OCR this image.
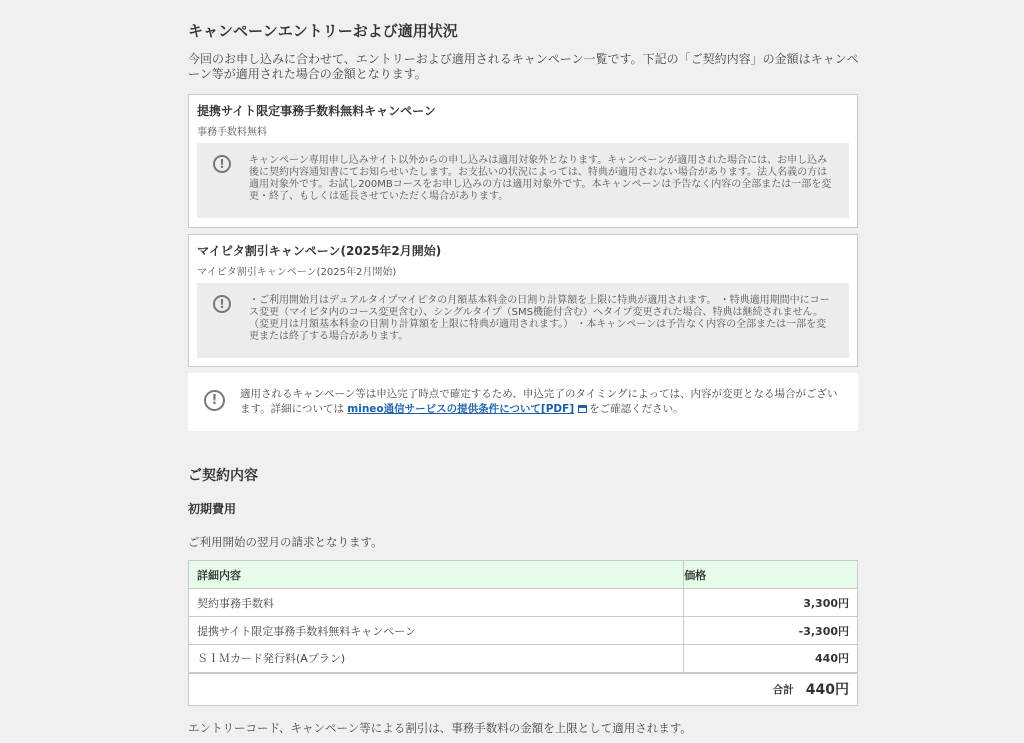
キャンペーンエントリーおよび適用状況
今回のお申し込みに合わせて、エントリーおよび適用されるキャンペーン一覧です。下記の「ご契約内容」の金額はキャンペーン等が適用された場合の金額となります。
提携サイト限定事務手数料無料キャンペーン
事務手数料無料
!	キャンペーン専用申し込みサイト以外からの申し込みは適用対象外となります。キャンペーンが適用された場合には、お申し込み後に契約内容通知書にてお知らせいたします。お支払いの状況によっては、特典が適用されない場合があります。法人名義の方は適用対象外です。お試し200MBコースをお申し込みの方は適用対象外です。本キャンペーンは予告なく内容の全部または一部を変更・終了、もしくは延長させていただく場合があります。
マイピタ割引キャンペーン(2025年2月開始)
マイピタ割引キャンペーン(2025年2月開始)
!	・ご利用開始月はデュアルタイプマイピタの月額基本料金の日割り計算額を上限に特典が適用されます。 ・特典適用期間中にコース変更（マイピタ内のコース変更含む）、シングルタイプ（SMS機能付含む）へタイプ変更された場合、特典は継続されません。（変更月は月額基本料金の日割り計算額を上限に特典が適用されます。） ・本キャンペーンは予告なく内容の全部または一部を変更または終了する場合があります。
!	適用されるキャンペーン等は申込完了時点で確定するため、申込完了のタイミングによっては、内容が変更となる場合がございます。詳細については mineo通信サービスの提供条件について[PDF] をご確認ください。
ご契約内容
初期費用
ご利用開始の翌月の請求となります。
詳細内容	価格
契約事務手数料	3,300円
提携サイト限定事務手数料無料キャンペーン	-3,300円
ＳＩＭカード発行料(Aプラン)	440円
合計 440円	
エントリーコード、キャンペーン等による割引は、事務手数料の金額を上限として適用されます。
